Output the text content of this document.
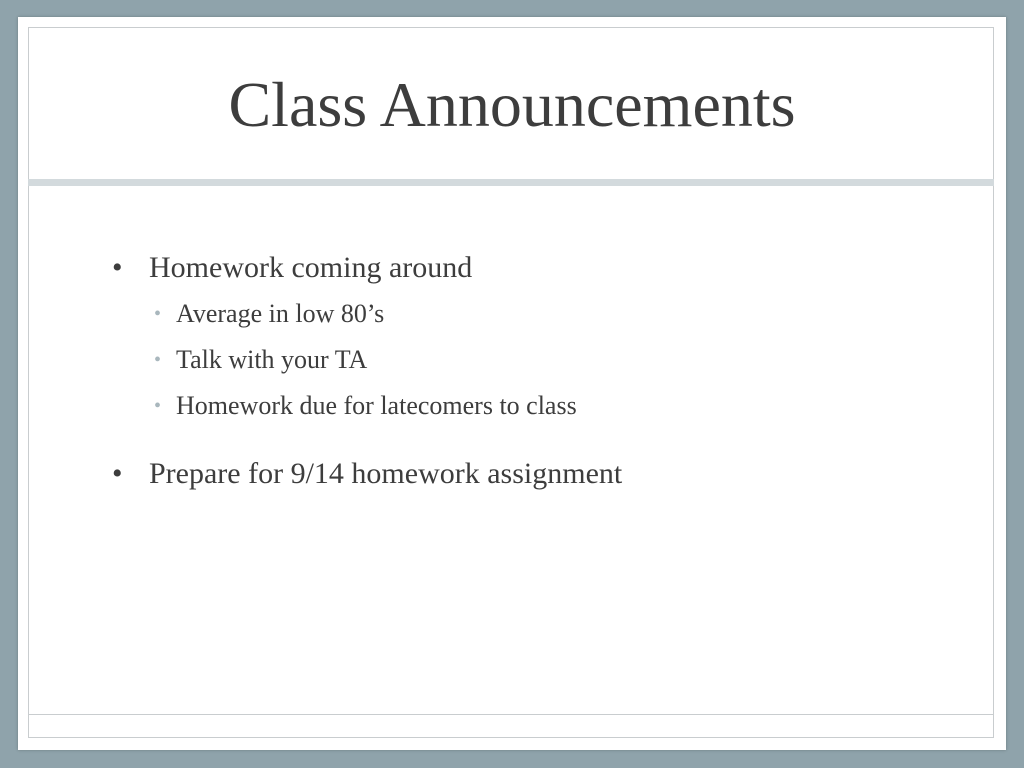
Class Announcements
• Homework coming around
• Average in low 80’s
• Talk with your TA
• Homework due for latecomers to class
• Prepare for 9/14 homework assignment
